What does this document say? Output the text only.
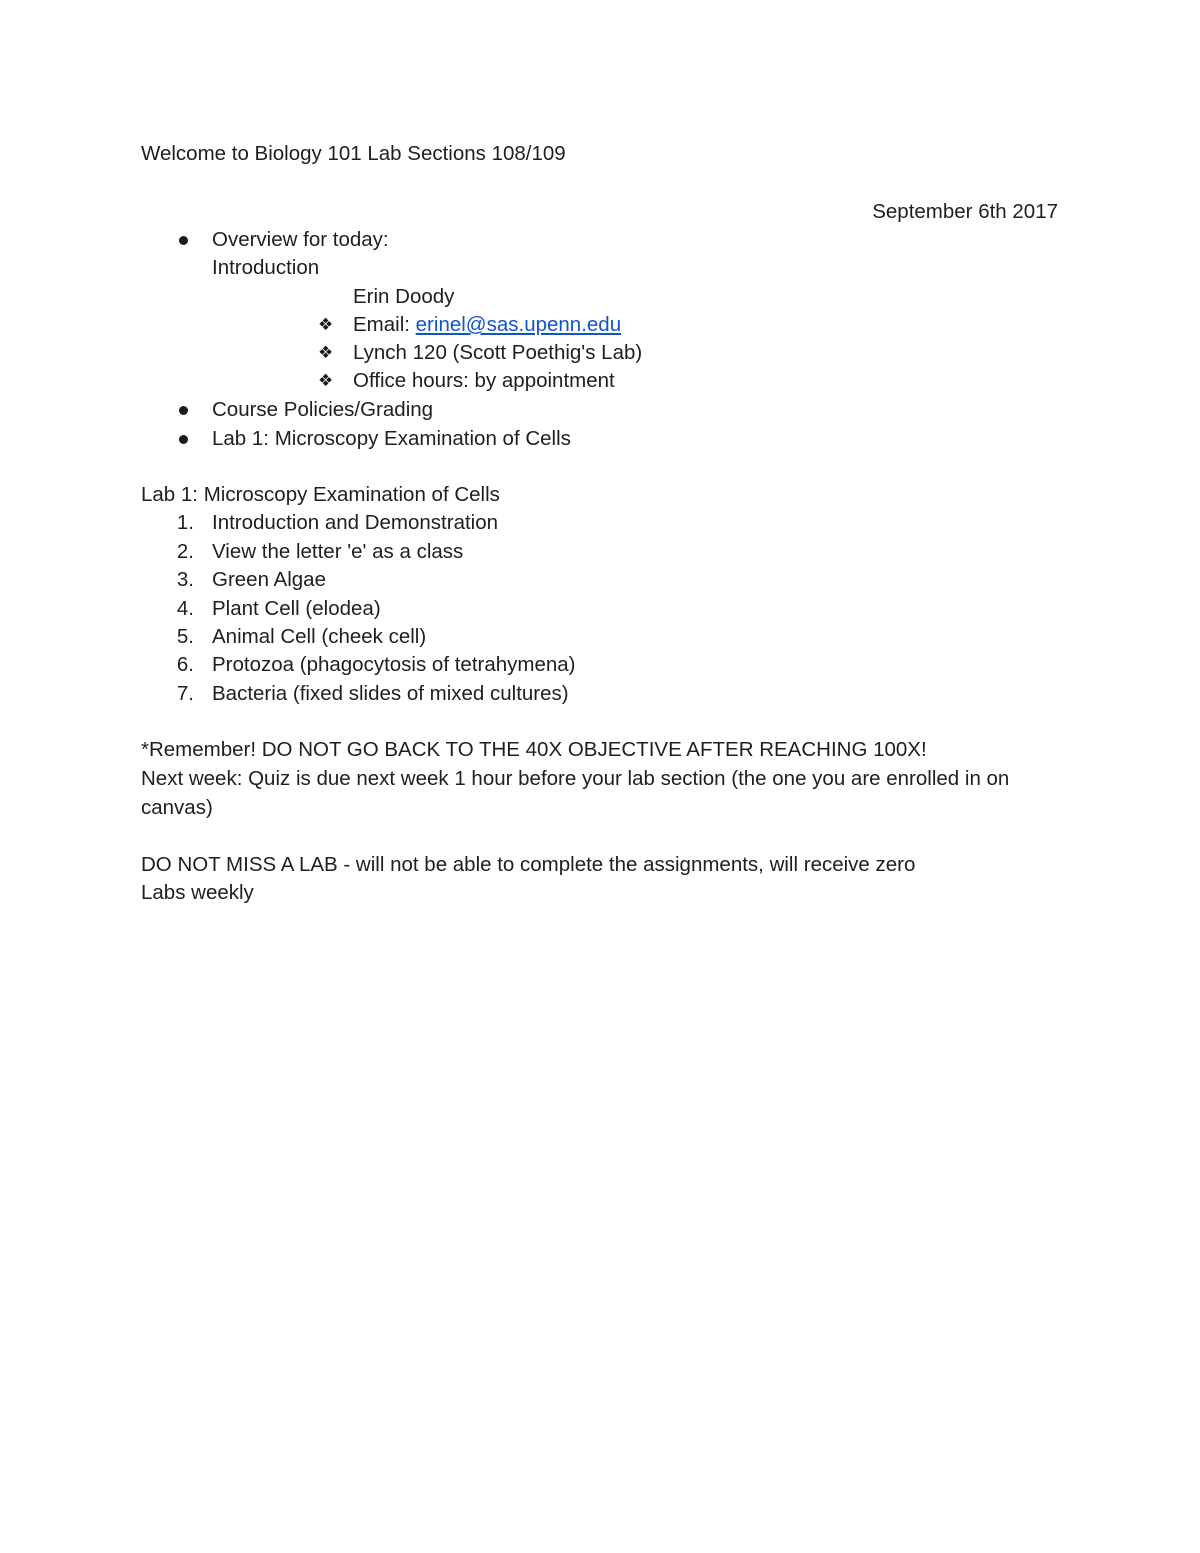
Welcome to Biology 101 Lab Sections 108/109
September 6th 2017
Overview for today:
Introduction
Erin Doody
❖ Email: erinel@sas.upenn.edu
❖ Lynch 120 (Scott Poethig's Lab)
❖ Office hours: by appointment
Course Policies/Grading
Lab 1: Microscopy Examination of Cells
Lab 1: Microscopy Examination of Cells
1. Introduction and Demonstration
2. View the letter 'e' as a class
3. Green Algae
4. Plant Cell (elodea)
5. Animal Cell (cheek cell)
6. Protozoa (phagocytosis of tetrahymena)
7. Bacteria (fixed slides of mixed cultures)
*Remember! DO NOT GO BACK TO THE 40X OBJECTIVE AFTER REACHING 100X!
Next week: Quiz is due next week 1 hour before your lab section (the one you are enrolled in on
canvas)
DO NOT MISS A LAB - will not be able to complete the assignments, will receive zero
Labs weekly
